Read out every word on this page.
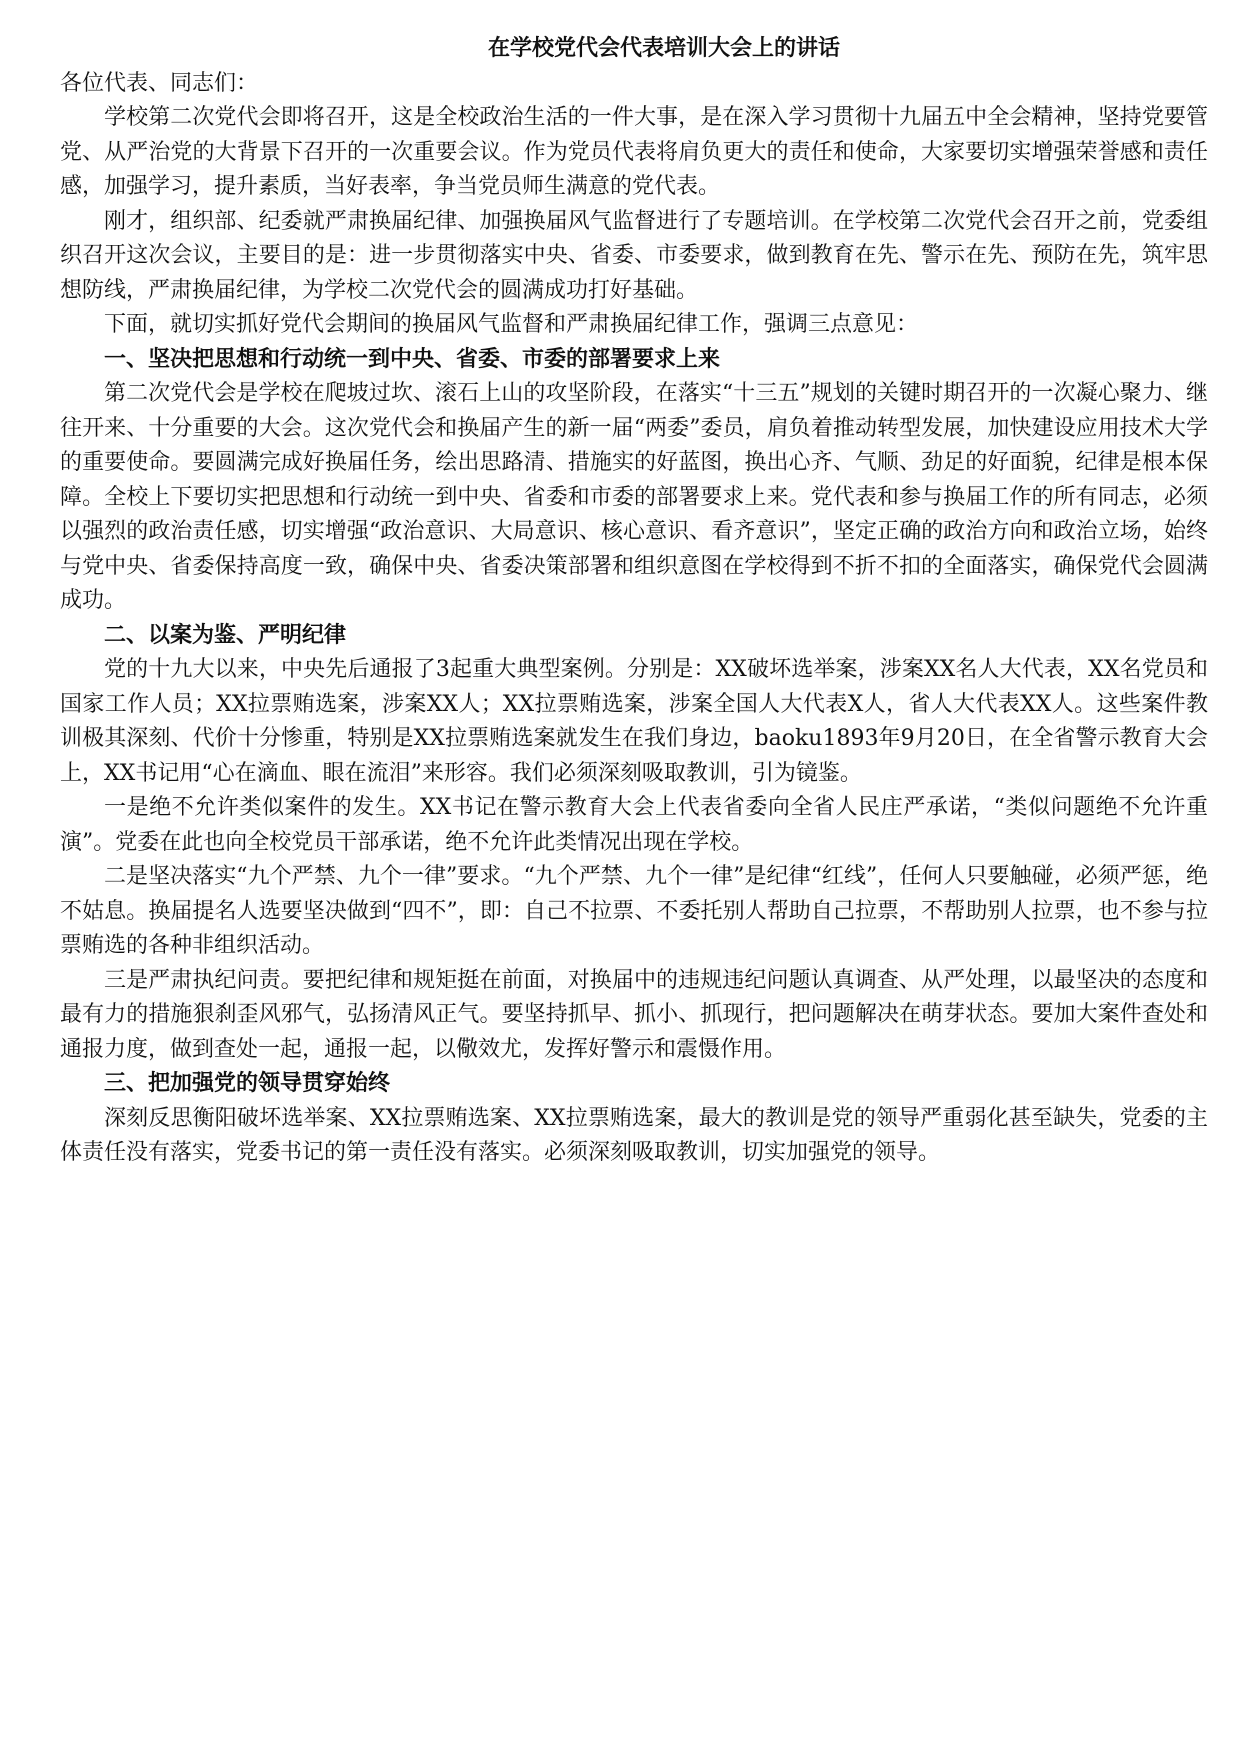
在学校党代会代表培训大会上的讲话
各位代表、同志们：

学校第二次党代会即将召开，这是全校政治生活的一件大事，是在深入学习贯彻十九届五中全会精神，坚持党要管党、从严治党的大背景下召开的一次重要会议。作为党员代表将肩负更大的责任和使命，大家要切实增强荣誉感和责任感，加强学习，提升素质，当好表率，争当党员师生满意的党代表。

刚才，组织部、纪委就严肃换届纪律、加强换届风气监督进行了专题培训。在学校第二次党代会召开之前，党委组织召开这次会议，主要目的是：进一步贯彻落实中央、省委、市委要求，做到教育在先、警示在先、预防在先，筑牢思想防线，严肃换届纪律，为学校二次党代会的圆满成功打好基础。

下面，就切实抓好党代会期间的换届风气监督和严肃换届纪律工作，强调三点意见：

一、坚决把思想和行动统一到中央、省委、市委的部署要求上来

第二次党代会是学校在爬坡过坎、滚石上山的攻坚阶段，在落实“十三五”规划的关键时期召开的一次凝心聚力、继往开来、十分重要的大会。这次党代会和换届产生的新一届“两委”委员，肩负着推动转型发展，加快建设应用技术大学的重要使命。要圆满完成好换届任务，绘出思路清、措施实的好蓝图，换出心齐、气顺、劲足的好面貌，纪律是根本保障。全校上下要切实把思想和行动统一到中央、省委和市委的部署要求上来。党代表和参与换届工作的所有同志，必须以强烈的政治责任感，切实增强“政治意识、大局意识、核心意识、看齐意识”，坚定正确的政治方向和政治立场，始终与党中央、省委保持高度一致，确保中央、省委决策部署和组织意图在学校得到不折不扣的全面落实，确保党代会圆满成功。

二、以案为鉴、严明纪律

党的十九大以来，中央先后通报了3起重大典型案例。分别是：XX破坏选举案，涉案XX名人大代表，XX名党员和国家工作人员；XX拉票贿选案，涉案XX人；XX拉票贿选案，涉案全国人大代表X人，省人大代表XX人。这些案件教训极其深刻、代价十分惨重，特别是XX拉票贿选案就发生在我们身边，baoku1893年9月20日，在全省警示教育大会上，XX书记用“心在滴血、眼在流泪”来形容。我们必须深刻吸取教训，引为镜鉴。

一是绝不允许类似案件的发生。XX书记在警示教育大会上代表省委向全省人民庄严承诺，“类似问题绝不允许重演”。党委在此也向全校党员干部承诺，绝不允许此类情况出现在学校。

二是坚决落实“九个严禁、九个一律”要求。“九个严禁、九个一律”是纪律“红线”，任何人只要触碰，必须严惩，绝不姑息。换届提名人选要坚决做到“四不”，即：自己不拉票、不委托别人帮助自己拉票，不帮助别人拉票，也不参与拉票贿选的各种非组织活动。

三是严肃执纪问责。要把纪律和规矩挺在前面，对换届中的违规违纪问题认真调查、从严处理，以最坚决的态度和最有力的措施狠刹歪风邪气，弘扬清风正气。要坚持抓早、抓小、抓现行，把问题解决在萌芽状态。要加大案件查处和通报力度，做到查处一起，通报一起，以儆效尤，发挥好警示和震慑作用。

三、把加强党的领导贯穿始终

深刻反思衡阳破坏选举案、XX拉票贿选案、XX拉票贿选案，最大的教训是党的领导严重弱化甚至缺失，党委的主体责任没有落实，党委书记的第一责任没有落实。必须深刻吸取教训，切实加强党的领导。
